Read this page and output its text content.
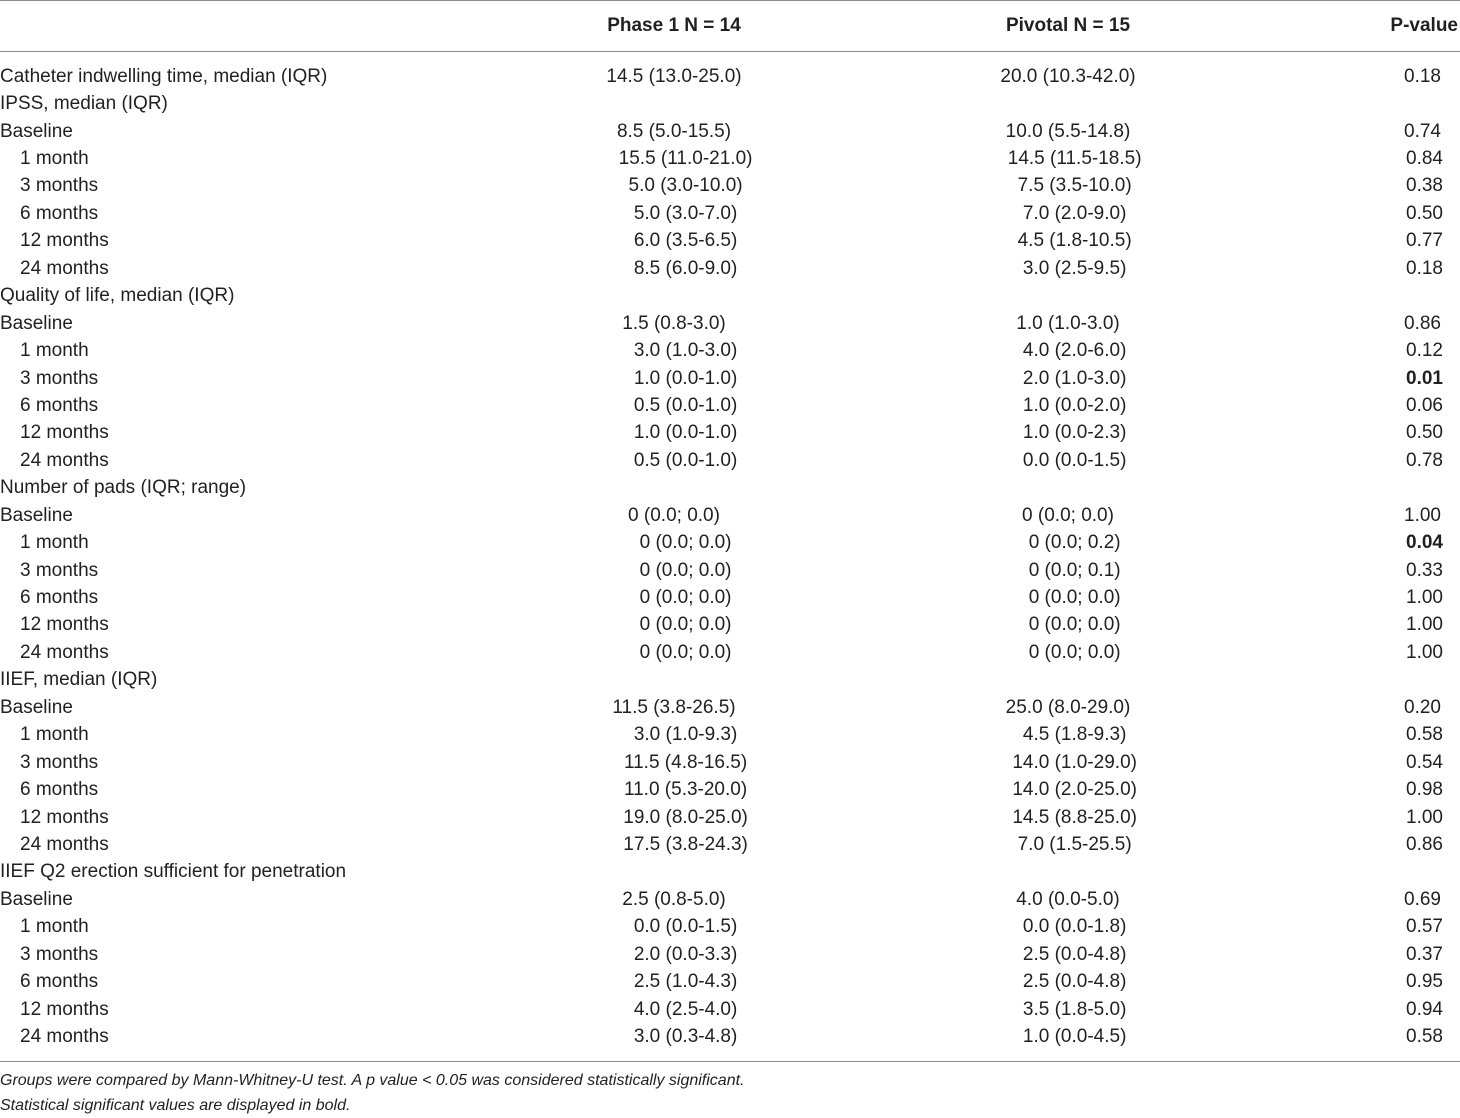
Phase 1 N = 14	Pivotal N = 15	P-value
Catheter indwelling time, median (IQR)	14.5 (13.0-25.0)	20.0 (10.3-42.0)	0.18
IPSS, median (IQR)
Baseline	8.5 (5.0-15.5)	10.0 (5.5-14.8)	0.74
1 month	15.5 (11.0-21.0)	14.5 (11.5-18.5)	0.84
3 months	5.0 (3.0-10.0)	7.5 (3.5-10.0)	0.38
6 months	5.0 (3.0-7.0)	7.0 (2.0-9.0)	0.50
12 months	6.0 (3.5-6.5)	4.5 (1.8-10.5)	0.77
24 months	8.5 (6.0-9.0)	3.0 (2.5-9.5)	0.18
Quality of life, median (IQR)
Baseline	1.5 (0.8-3.0)	1.0 (1.0-3.0)	0.86
1 month	3.0 (1.0-3.0)	4.0 (2.0-6.0)	0.12
3 months	1.0 (0.0-1.0)	2.0 (1.0-3.0)	0.01
6 months	0.5 (0.0-1.0)	1.0 (0.0-2.0)	0.06
12 months	1.0 (0.0-1.0)	1.0 (0.0-2.3)	0.50
24 months	0.5 (0.0-1.0)	0.0 (0.0-1.5)	0.78
Number of pads (IQR; range)
Baseline	0 (0.0; 0.0)	0 (0.0; 0.0)	1.00
1 month	0 (0.0; 0.0)	0 (0.0; 0.2)	0.04
3 months	0 (0.0; 0.0)	0 (0.0; 0.1)	0.33
6 months	0 (0.0; 0.0)	0 (0.0; 0.0)	1.00
12 months	0 (0.0; 0.0)	0 (0.0; 0.0)	1.00
24 months	0 (0.0; 0.0)	0 (0.0; 0.0)	1.00
IIEF, median (IQR)
Baseline	11.5 (3.8-26.5)	25.0 (8.0-29.0)	0.20
1 month	3.0 (1.0-9.3)	4.5 (1.8-9.3)	0.58
3 months	11.5 (4.8-16.5)	14.0 (1.0-29.0)	0.54
6 months	11.0 (5.3-20.0)	14.0 (2.0-25.0)	0.98
12 months	19.0 (8.0-25.0)	14.5 (8.8-25.0)	1.00
24 months	17.5 (3.8-24.3)	7.0 (1.5-25.5)	0.86
IIEF Q2 erection sufficient for penetration
Baseline	2.5 (0.8-5.0)	4.0 (0.0-5.0)	0.69
1 month	0.0 (0.0-1.5)	0.0 (0.0-1.8)	0.57
3 months	2.0 (0.0-3.3)	2.5 (0.0-4.8)	0.37
6 months	2.5 (1.0-4.3)	2.5 (0.0-4.8)	0.95
12 months	4.0 (2.5-4.0)	3.5 (1.8-5.0)	0.94
24 months	3.0 (0.3-4.8)	1.0 (0.0-4.5)	0.58
Groups were compared by Mann-Whitney-U test. A p value < 0.05 was considered statistically significant.
Statistical significant values are displayed in bold.
